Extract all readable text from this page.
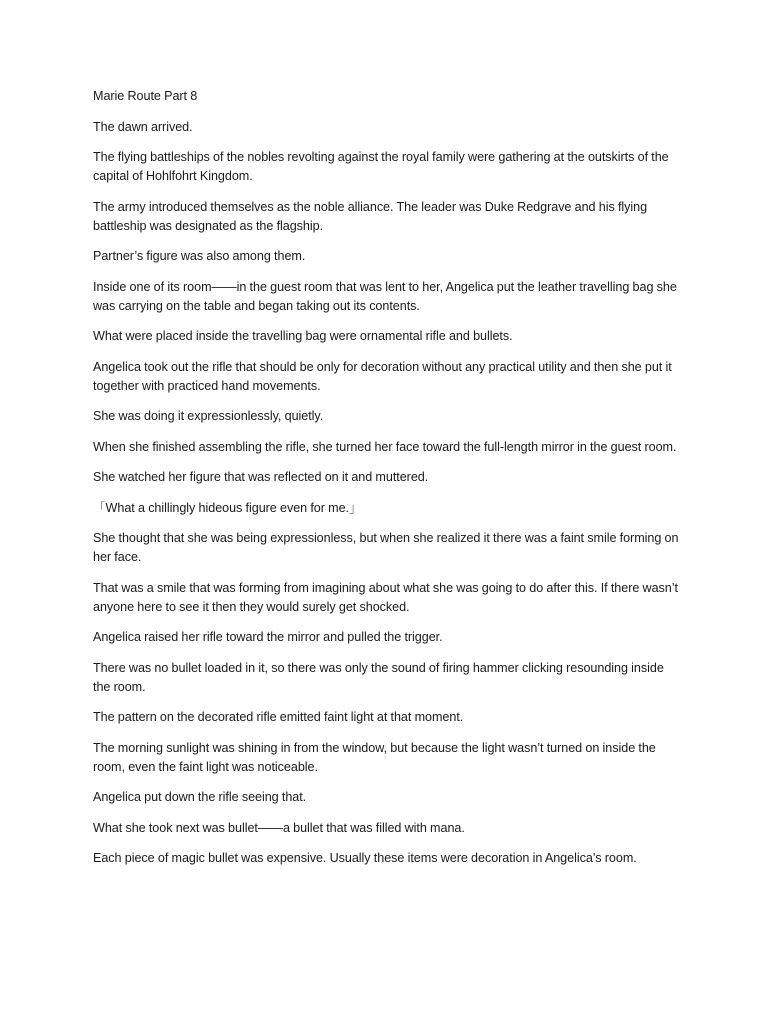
Marie Route Part 8

The dawn arrived.

The flying battleships of the nobles revolting against the royal family were gathering at the outskirts of the capital of Hohlfohrt Kingdom.

The army introduced themselves as the noble alliance. The leader was Duke Redgrave and his flying battleship was designated as the flagship.

Partner’s figure was also among them.

Inside one of its room——in the guest room that was lent to her, Angelica put the leather travelling bag she was carrying on the table and began taking out its contents.

What were placed inside the travelling bag were ornamental rifle and bullets.

Angelica took out the rifle that should be only for decoration without any practical utility and then she put it together with practiced hand movements.

She was doing it expressionlessly, quietly.

When she finished assembling the rifle, she turned her face toward the full-length mirror in the guest room.

She watched her figure that was reflected on it and muttered.

「What a chillingly hideous figure even for me.」

She thought that she was being expressionless, but when she realized it there was a faint smile forming on her face.

That was a smile that was forming from imagining about what she was going to do after this. If there wasn’t anyone here to see it then they would surely get shocked.

Angelica raised her rifle toward the mirror and pulled the trigger.

There was no bullet loaded in it, so there was only the sound of firing hammer clicking resounding inside the room.

The pattern on the decorated rifle emitted faint light at that moment.

The morning sunlight was shining in from the window, but because the light wasn’t turned on inside the room, even the faint light was noticeable.

Angelica put down the rifle seeing that.

What she took next was bullet——a bullet that was filled with mana.

Each piece of magic bullet was expensive. Usually these items were decoration in Angelica’s room.
